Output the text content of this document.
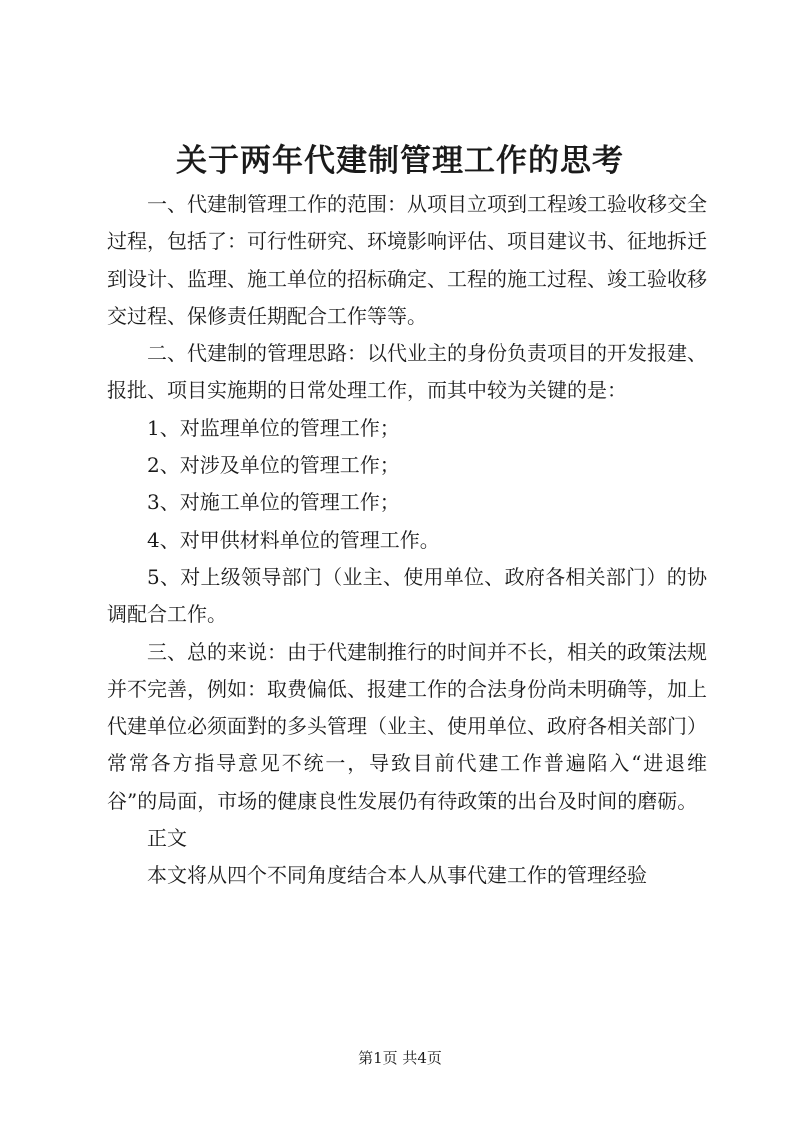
关于两年代建制管理工作的思考

一、代建制管理工作的范围：从项目立项到工程竣工验收移交全过程，包括了：可行性研究、环境影响评估、项目建议书、征地拆迁到设计、监理、施工单位的招标确定、工程的施工过程、竣工验收移交过程、保修责任期配合工作等等。

二、代建制的管理思路：以代业主的身份负责项目的开发报建、报批、项目实施期的日常处理工作，而其中较为关键的是：

1、对监理单位的管理工作；

2、对涉及单位的管理工作；

3、对施工单位的管理工作；

4、对甲供材料单位的管理工作。

5、对上级领导部门（业主、使用单位、政府各相关部门）的协调配合工作。

三、总的来说：由于代建制推行的时间并不长，相关的政策法规并不完善，例如：取费偏低、报建工作的合法身份尚未明确等，加上代建单位必须面對的多头管理（业主、使用单位、政府各相关部门）常常各方指导意见不统一，导致目前代建工作普遍陷入“进退维谷”的局面，市场的健康良性发展仍有待政策的出台及时间的磨砺。

正文

本文将从四个不同角度结合本人从事代建工作的管理经验

第1页 共4页
